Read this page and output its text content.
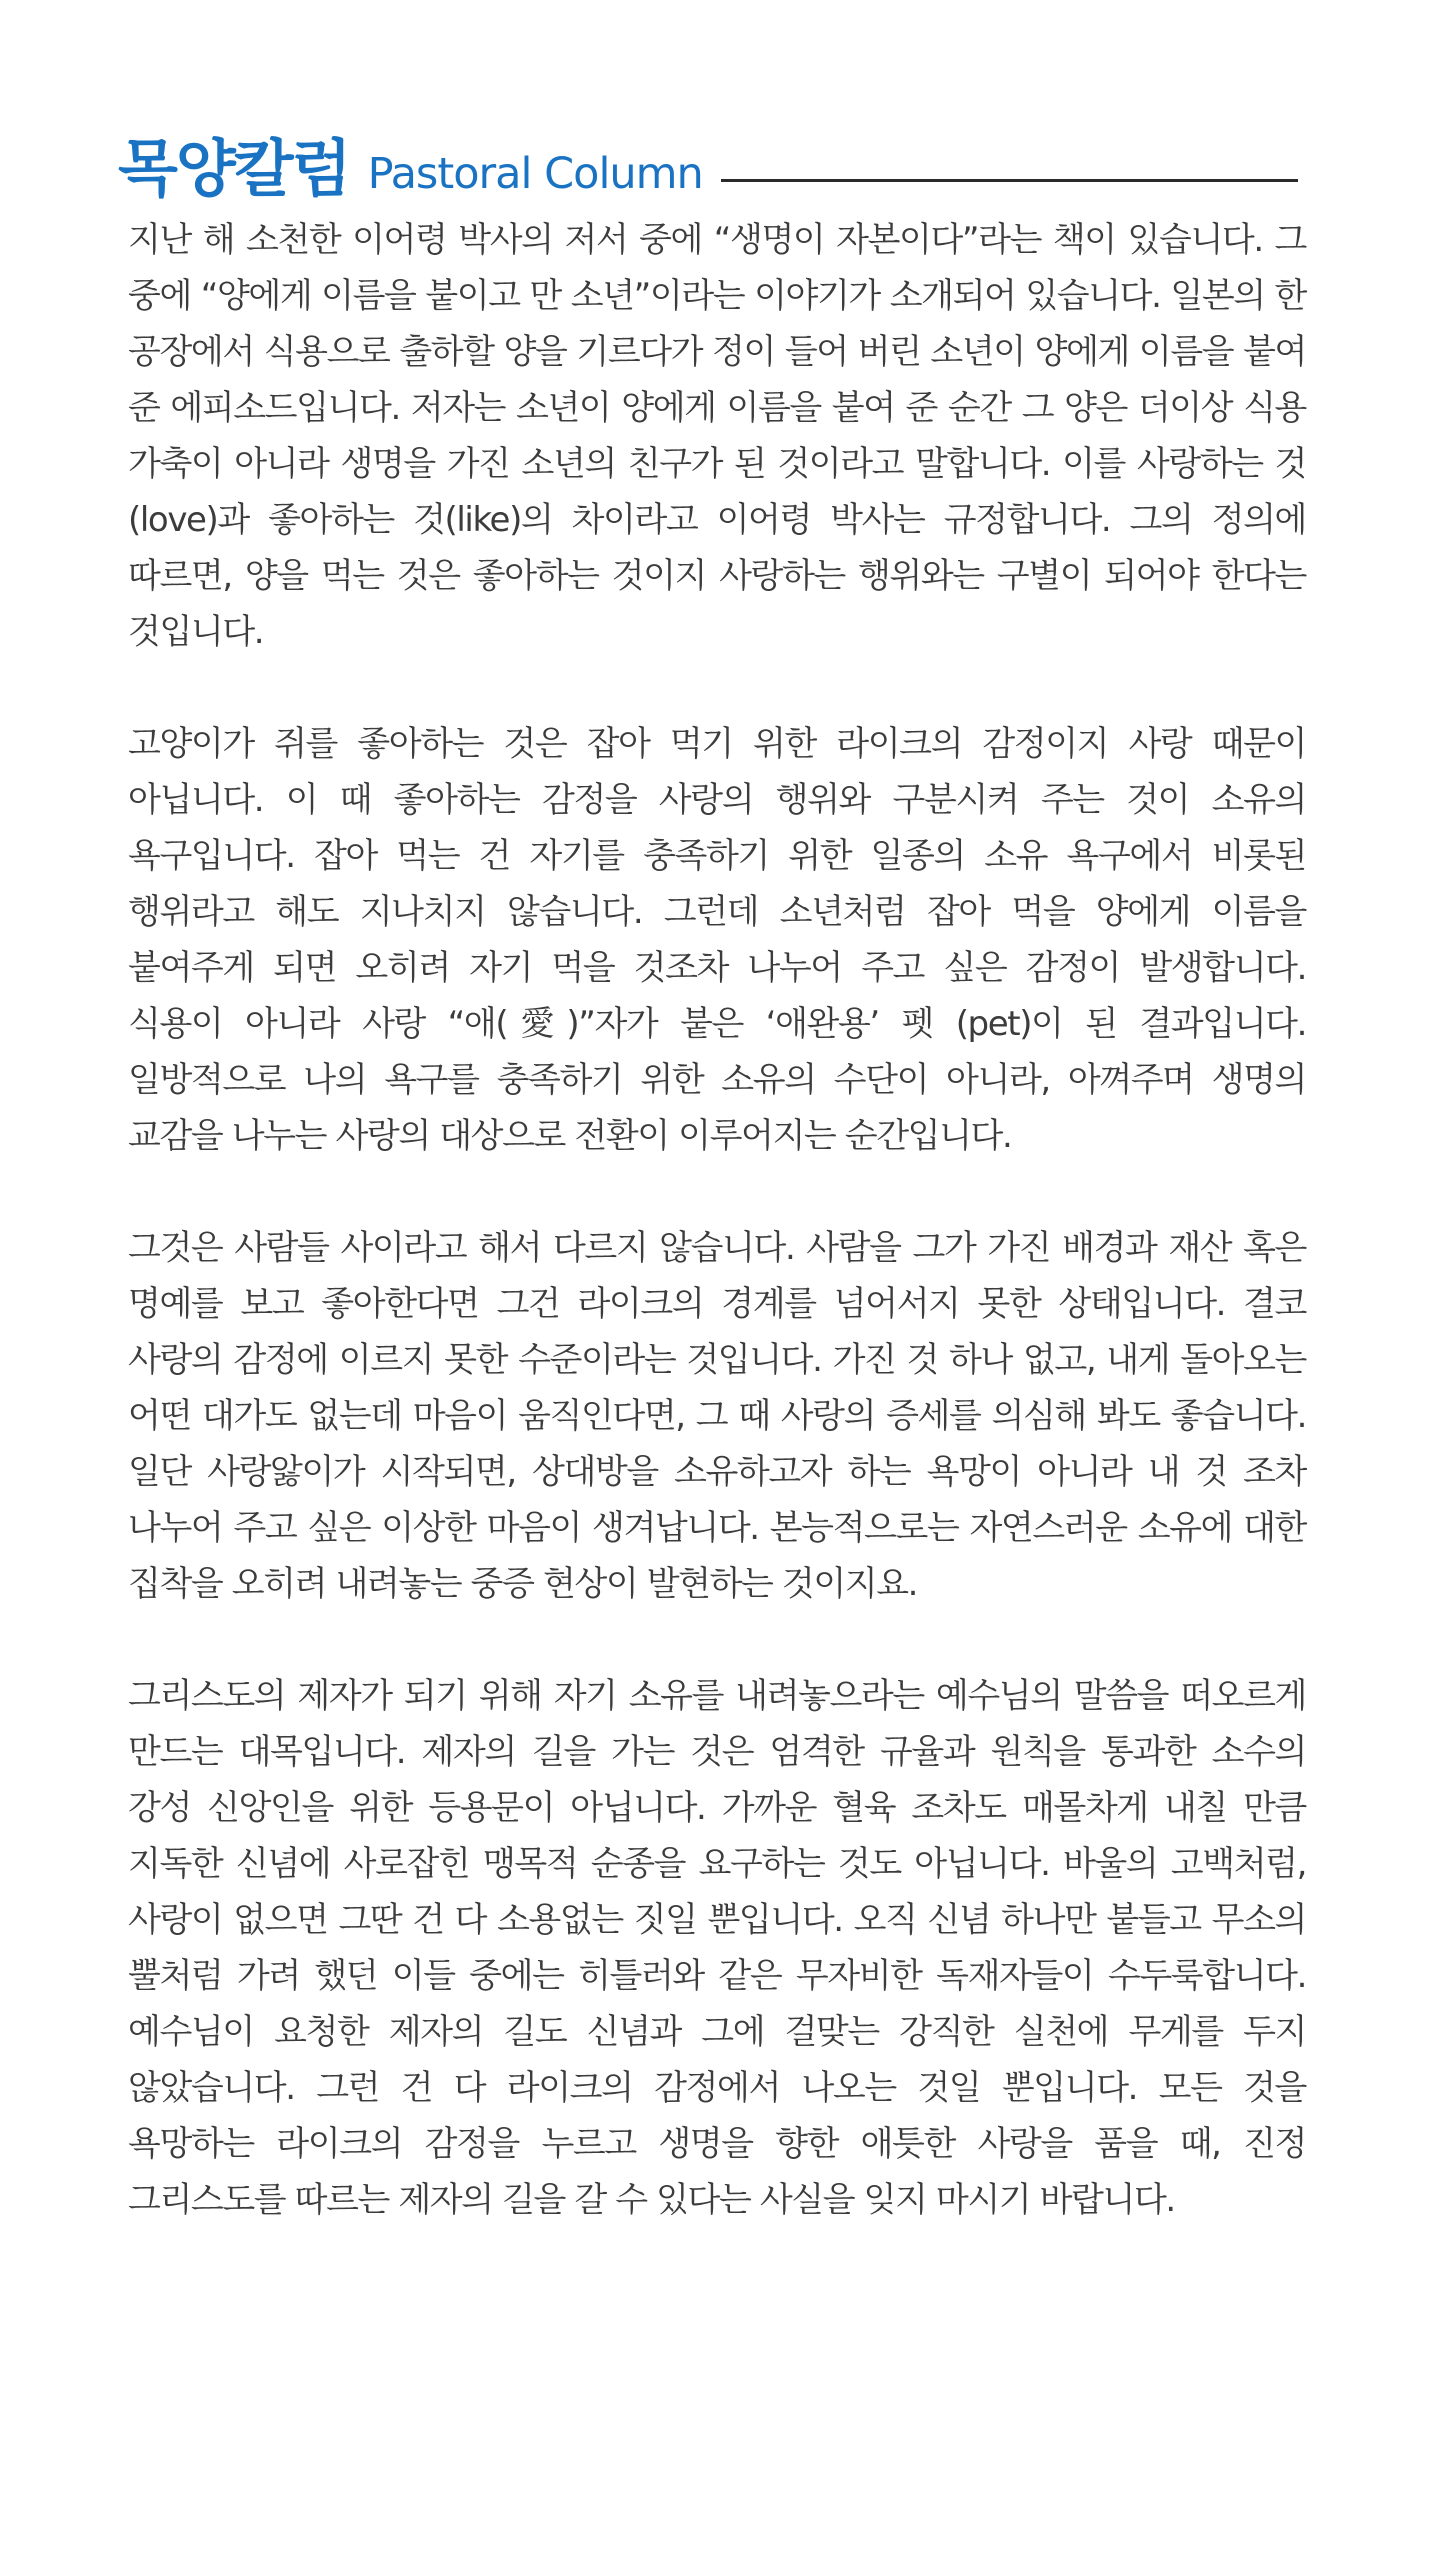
목양칼럼 Pastoral Column

지난 해 소천한 이어령 박사의 저서 중에 “생명이 자본이다”라는 책이 있습니다. 그 중에 “양에게 이름을 붙이고 만 소년”이라는 이야기가 소개되어 있습니다. 일본의 한 공장에서 식용으로 출하할 양을 기르다가 정이 들어 버린 소년이 양에게 이름을 붙여 준 에피소드입니다. 저자는 소년이 양에게 이름을 붙여 준 순간 그 양은 더이상 식용 가축이 아니라 생명을 가진 소년의 친구가 된 것이라고 말합니다. 이를 사랑하는 것(love)과 좋아하는 것(like)의 차이라고 이어령 박사는 규정합니다. 그의 정의에 따르면, 양을 먹는 것은 좋아하는 것이지 사랑하는 행위와는 구별이 되어야 한다는 것입니다.

고양이가 쥐를 좋아하는 것은 잡아 먹기 위한 라이크의 감정이지 사랑 때문이 아닙니다. 이 때 좋아하는 감정을 사랑의 행위와 구분시켜 주는 것이 소유의 욕구입니다. 잡아 먹는 건 자기를 충족하기 위한 일종의 소유 욕구에서 비롯된 행위라고 해도 지나치지 않습니다. 그런데 소년처럼 잡아 먹을 양에게 이름을 붙여주게 되면 오히려 자기 먹을 것조차 나누어 주고 싶은 감정이 발생합니다. 식용이 아니라 사랑 “애(愛)”자가 붙은 ‘애완용’ 펫 (pet)이 된 결과입니다. 일방적으로 나의 욕구를 충족하기 위한 소유의 수단이 아니라, 아껴주며 생명의 교감을 나누는 사랑의 대상으로 전환이 이루어지는 순간입니다.

그것은 사람들 사이라고 해서 다르지 않습니다. 사람을 그가 가진 배경과 재산 혹은 명예를 보고 좋아한다면 그건 라이크의 경계를 넘어서지 못한 상태입니다. 결코 사랑의 감정에 이르지 못한 수준이라는 것입니다. 가진 것 하나 없고, 내게 돌아오는 어떤 대가도 없는데 마음이 움직인다면, 그 때 사랑의 증세를 의심해 봐도 좋습니다. 일단 사랑앓이가 시작되면, 상대방을 소유하고자 하는 욕망이 아니라 내 것 조차 나누어 주고 싶은 이상한 마음이 생겨납니다. 본능적으로는 자연스러운 소유에 대한 집착을 오히려 내려놓는 중증 현상이 발현하는 것이지요.

그리스도의 제자가 되기 위해 자기 소유를 내려놓으라는 예수님의 말씀을 떠오르게 만드는 대목입니다. 제자의 길을 가는 것은 엄격한 규율과 원칙을 통과한 소수의 강성 신앙인을 위한 등용문이 아닙니다. 가까운 혈육 조차도 매몰차게 내칠 만큼 지독한 신념에 사로잡힌 맹목적 순종을 요구하는 것도 아닙니다. 바울의 고백처럼, 사랑이 없으면 그딴 건 다 소용없는 짓일 뿐입니다. 오직 신념 하나만 붙들고 무소의 뿔처럼 가려 했던 이들 중에는 히틀러와 같은 무자비한 독재자들이 수두룩합니다. 예수님이 요청한 제자의 길도 신념과 그에 걸맞는 강직한 실천에 무게를 두지 않았습니다. 그런 건 다 라이크의 감정에서 나오는 것일 뿐입니다. 모든 것을 욕망하는 라이크의 감정을 누르고 생명을 향한 애틋한 사랑을 품을 때, 진정 그리스도를 따르는 제자의 길을 갈 수 있다는 사실을 잊지 마시기 바랍니다.
